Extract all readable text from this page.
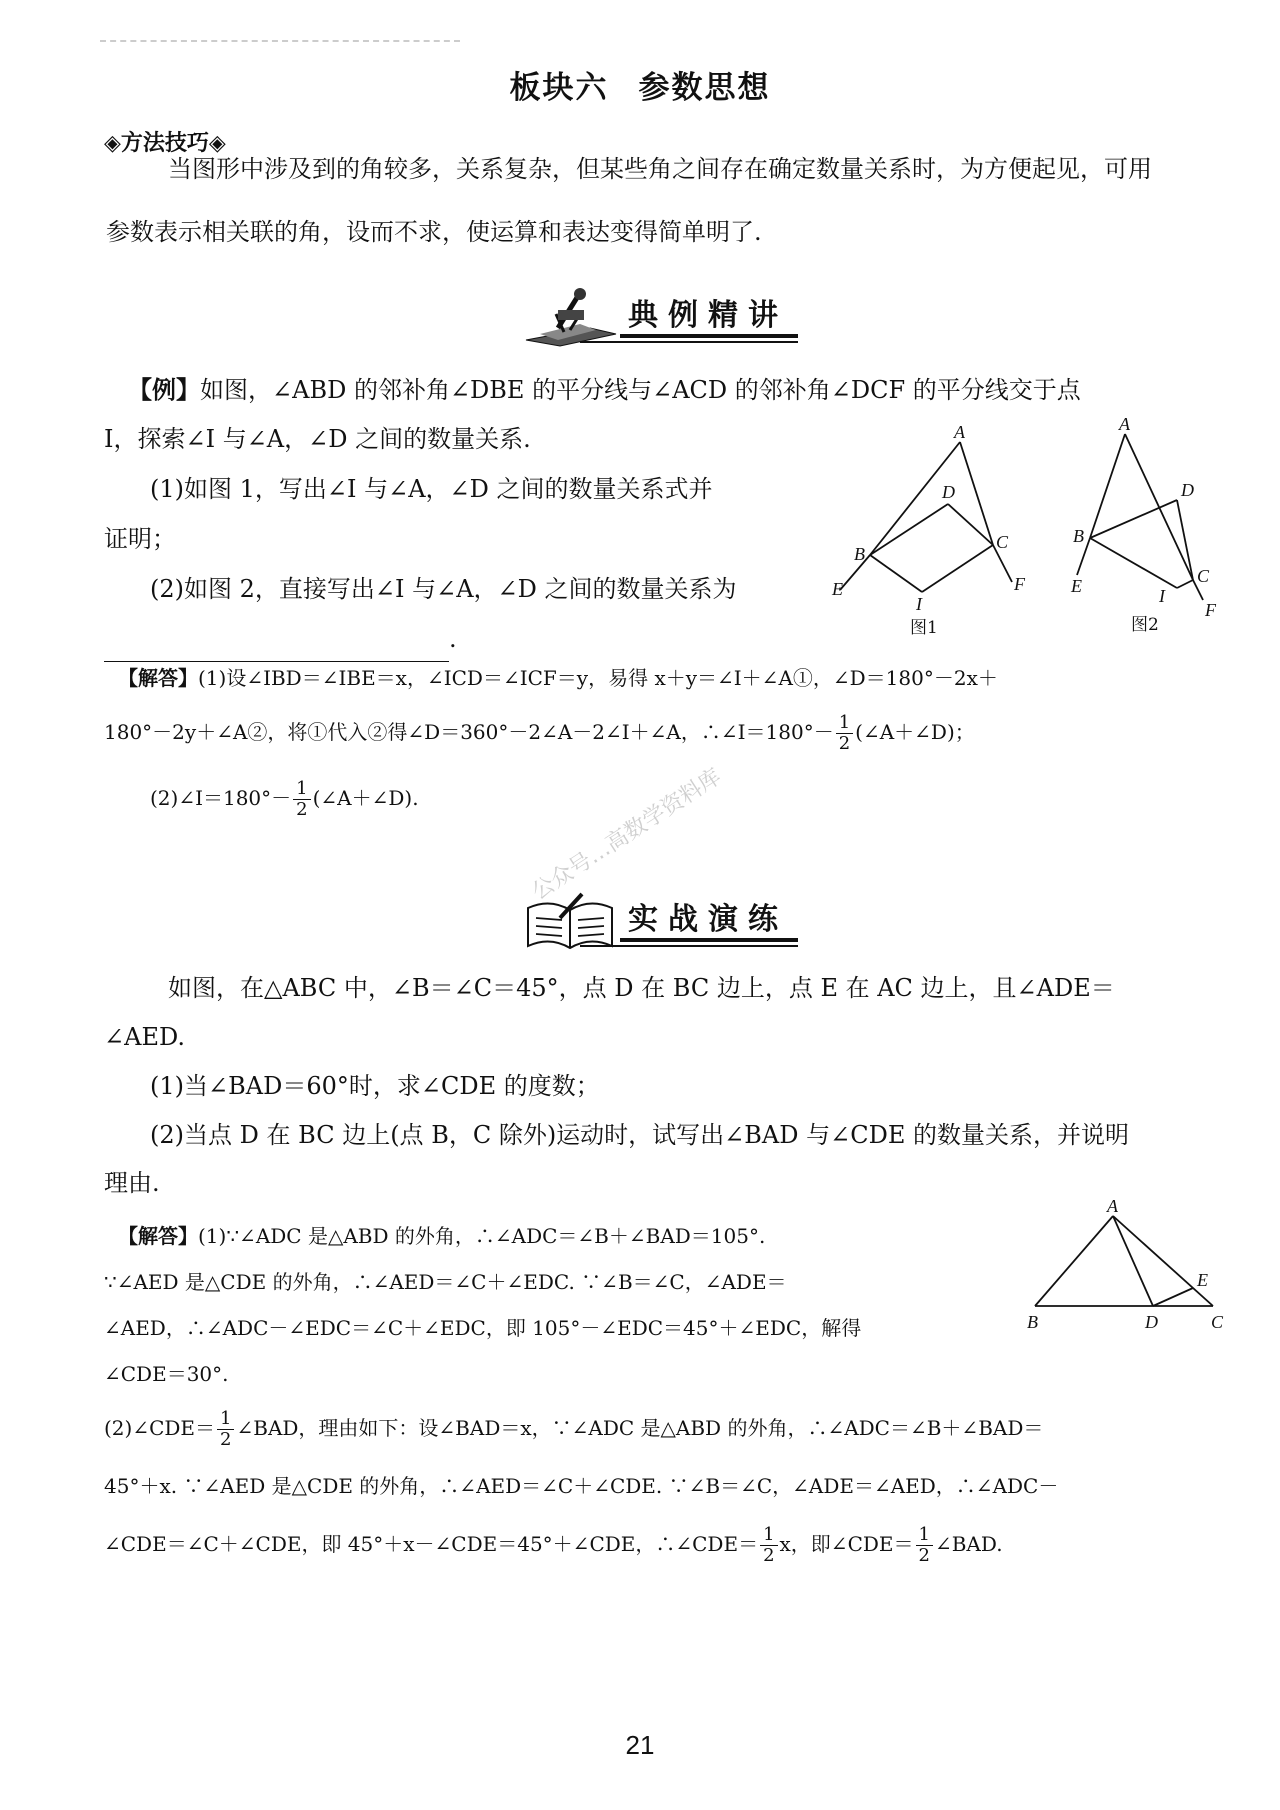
板块六 参数思想
◈方法技巧◈
当图形中涉及到的角较多，关系复杂，但某些角之间存在确定数量关系时，为方便起见，可用
参数表示相关联的角，设而不求，使运算和表达变得简单明了.
典例精讲
【例】如图，∠ABD 的邻补角∠DBE 的平分线与∠ACD 的邻补角∠DCF 的平分线交于点
I，探索∠I 与∠A，∠D 之间的数量关系.
(1)如图 1，写出∠I 与∠A，∠D 之间的数量关系式并
证明；
(2)如图 2，直接写出∠I 与∠A，∠D 之间的数量关系为
.
A
B
C
D
E	F
I
图1
A
B
C
D
E
F
I
图2
【解答】(1)设∠IBD＝∠IBE＝x，∠ICD＝∠ICF＝y，易得 x＋y＝∠I＋∠A①，∠D＝180°－2x＋
180°－2y＋∠A②，将①代入②得∠D＝360°－2∠A－2∠I＋∠A，∴∠I＝180°－ $\frac{1}{2}$ (∠A＋∠D)；
(2)∠I＝180°－ $\frac{1}{2}$ (∠A＋∠D).	公众号…高数学资料库
实战演练
如图，在△ABC 中，∠B＝∠C＝45°，点 D 在 BC 边上，点 E 在 AC 边上，且∠ADE＝
∠AED.
(1)当∠BAD＝60°时，求∠CDE 的度数；
(2)当点 D 在 BC 边上(点 B，C 除外)运动时，试写出∠BAD 与∠CDE 的数量关系，并说明
理由.
【解答】(1)∵∠ADC 是△ABD 的外角，∴∠ADC＝∠B＋∠BAD＝105°.
∵∠AED 是△CDE 的外角，∴∠AED＝∠C＋∠EDC. ∵∠B＝∠C，∠ADE＝
∠AED，∴∠ADC－∠EDC＝∠C＋∠EDC，即 105°－∠EDC＝45°＋∠EDC，解得
∠CDE＝30°.
A
B	C
D
E
(2)∠CDE＝ $\frac{1}{2}$ ∠BAD，理由如下：设∠BAD＝x，∵∠ADC 是△ABD 的外角，∴∠ADC＝∠B＋∠BAD＝
45°＋x. ∵∠AED 是△CDE 的外角，∴∠AED＝∠C＋∠CDE. ∵∠B＝∠C，∠ADE＝∠AED，∴∠ADC－
∠CDE＝∠C＋∠CDE，即 45°＋x－∠CDE＝45°＋∠CDE，∴∠CDE＝ $\frac{1}{2}$ x，即∠CDE＝ $\frac{1}{2}$ ∠BAD.
21
